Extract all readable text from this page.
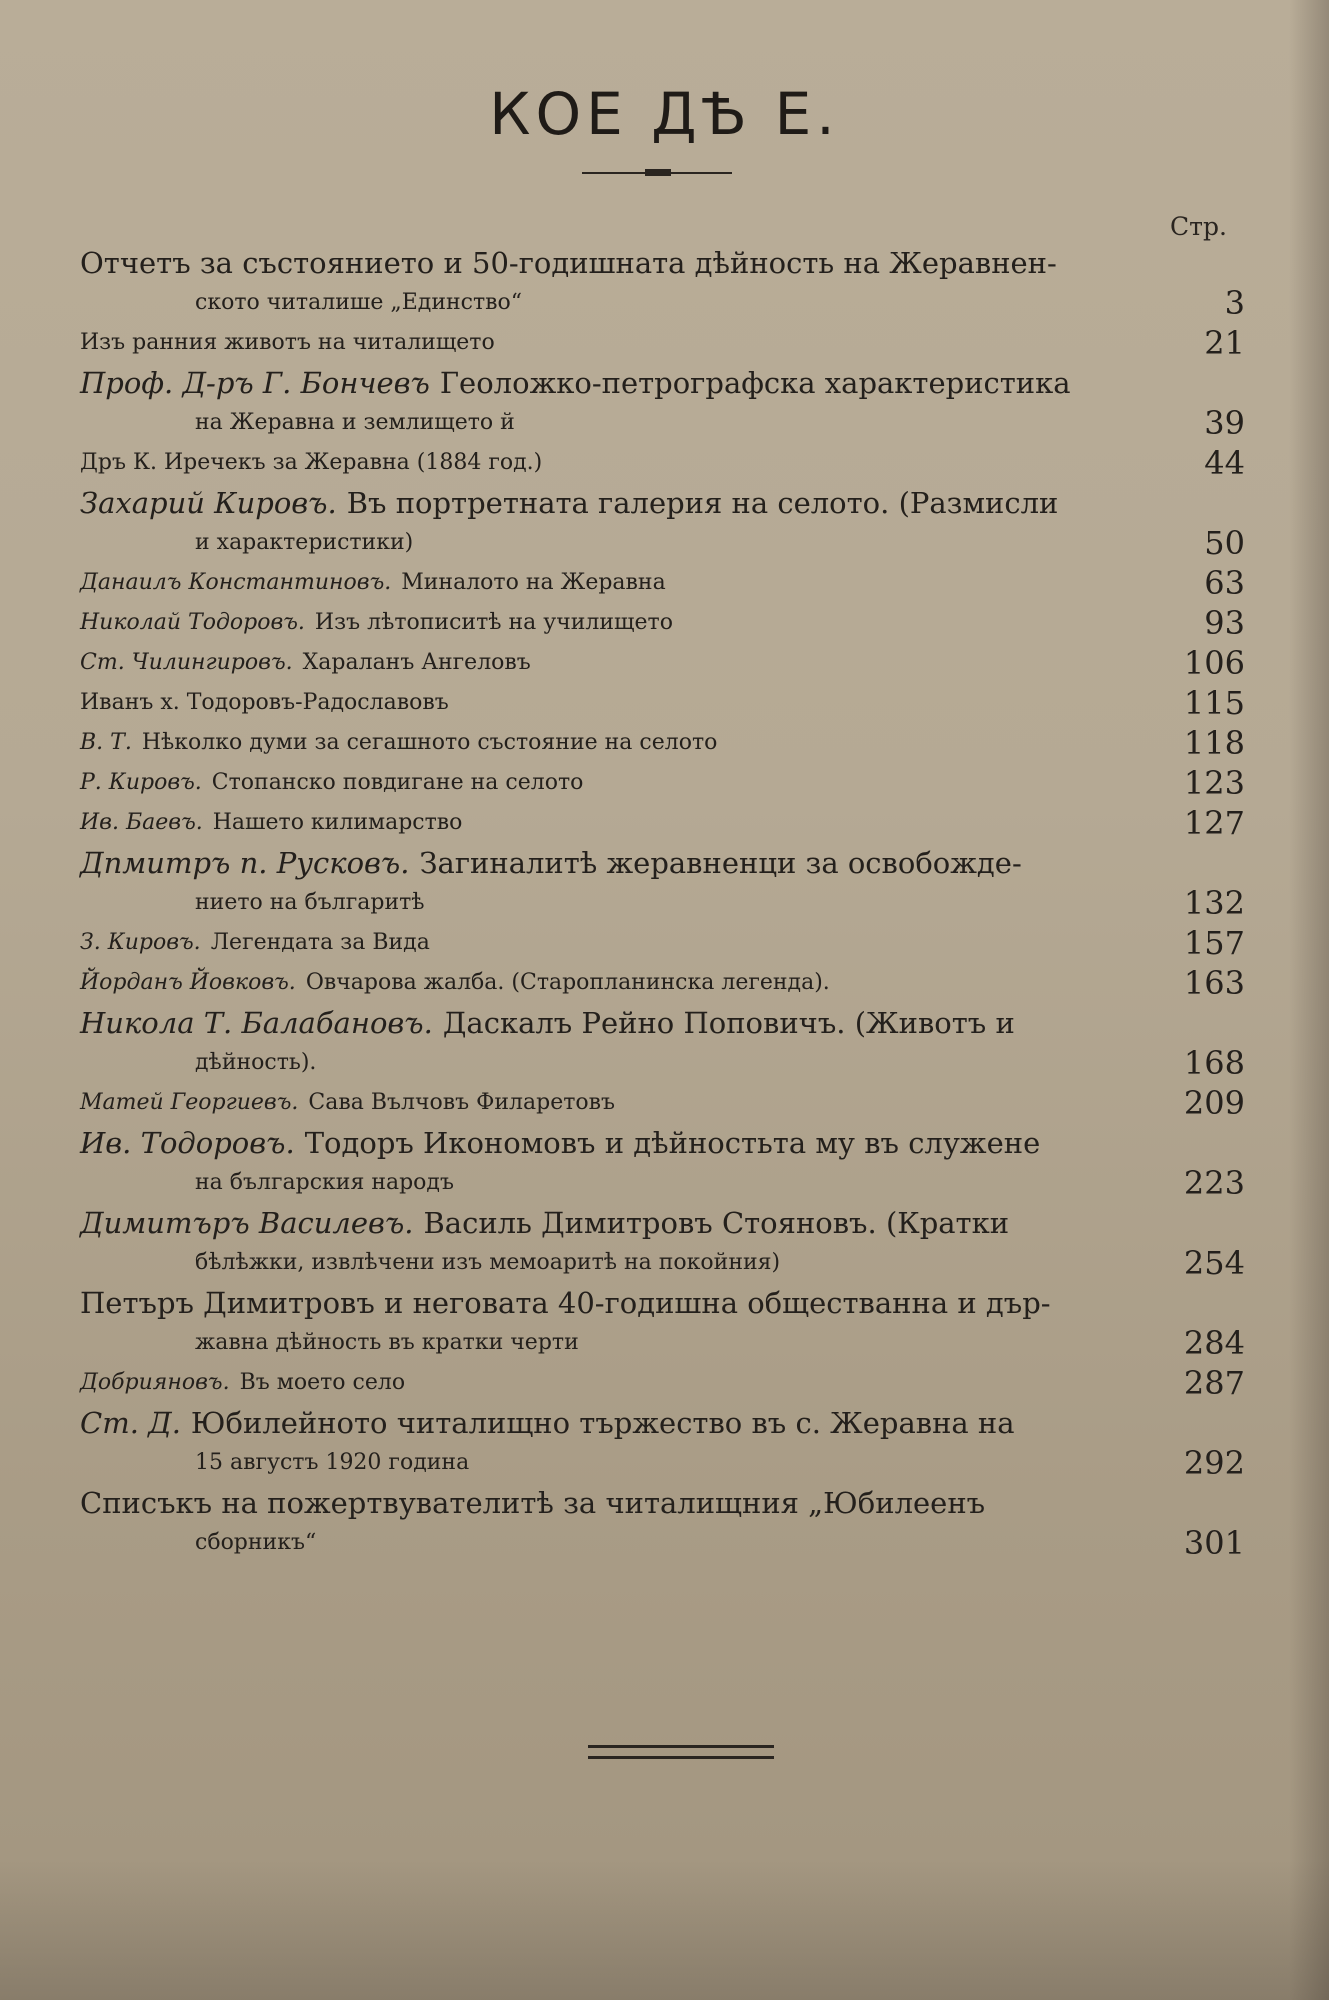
КОЕ ДѢ Е.
Стр.
Отчетъ за състоянието и 50-годишната дѣйность на Жеравнен-
ското читалише „Единство“	3
Изъ ранния животъ на читалището	21
Проф. Д-ръ Г. Бончевъ Геоложко-петрографска характеристика
на Жеравна и землището й	39
Дръ К. Иречекъ за Жеравна (1884 год.)	44
Захарий Кировъ. Въ портретната галерия на селото. (Размисли
и характеристики)	50
Данаилъ Константиновъ. Миналото на Жеравна	63
Николай Тодоровъ. Изъ лѣтописитѣ на училището	93
Ст. Чилингировъ. Хараланъ Ангеловъ	106
Иванъ х. Тодоровъ-Радославовъ	115
В. Т. Нѣколко думи за сегашното състояние на селото	118
Р. Кировъ. Стопанско повдигане на селото	123
Ив. Баевъ. Нашето килимарство	127
Дпмитръ п. Русковъ. Загиналитѣ жеравненци за освобожде-
нието на българитѣ	132
З. Кировъ. Легендата за Вида	157
Йорданъ Йовковъ. Овчарова жалба. (Староплaнинска легенда).	163
Никола Т. Балабановъ. Даскалъ Рейно Поповичъ. (Животъ и
дѣйность).	168
Матей Георгиевъ. Сава Вълчовъ Филаретовъ	209
Ив. Тодоровъ. Тодоръ Икономовъ и дѣйностьта му въ служене
на българския народъ	223
Димитъръ Василевъ. Василь Димитровъ Стояновъ. (Кратки
бѣлѣжки, извлѣчени изъ мемоаритѣ на покойния)	254
Петъръ Димитровъ и неговата 40-годишна обществанна и дър-
жавна дѣйность въ кратки черти	284
Добрияновъ. Въ моето село	287
Ст. Д. Юбилейното читалищно тържество въ с. Жеравна на
15 августъ 1920 година	292
Списъкъ на пожертвувателитѣ за читалищния „Юбилеенъ
сборникъ“	301
